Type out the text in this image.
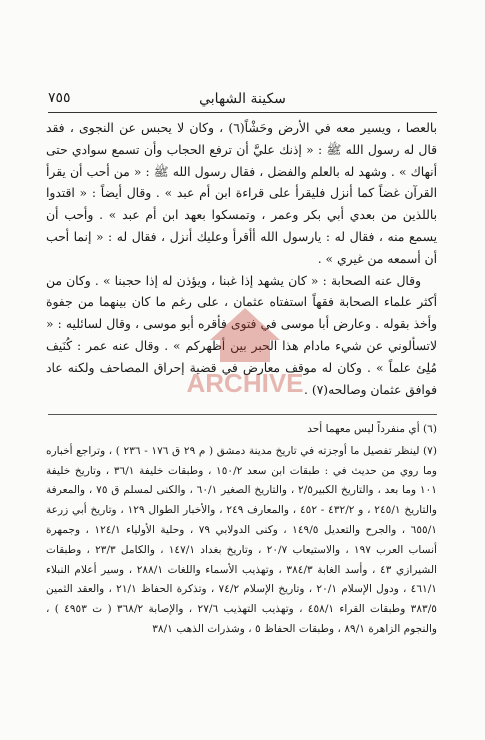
٧٥٥	سكينة الشهابي

بالعصا ، ويسير معه في الأرض وحَشْاً(٦) ، وكان لا يحبس عن النجوى ، فقد قال له رسول الله ﷺ : « إذنك عليَّ أن ترفع الحجاب وأن تسمع سوادي حتى أنهاك » . وشهد له بالعلم والفضل ، فقال رسول الله ﷺ : « من أحب أن يقرأ القرآن غضاً كما أنزل فليقرأ على قراءة ابن أم عبد » . وقال أيضاً : « اقتدوا باللذين من بعدي أبي بكر وعمر ، وتمسكوا بعهد ابن أم عبد » . وأحب أن يسمع منه ، فقال له : يارسول الله أأقرأ وعليك أنزل ، فقال له : « إنما أحب أن أسمعه من غيري » .

وقال عنه الصحابة : « كان يشهد إذا غبنا ، ويؤذن له إذا حجبنا » . وكان من أكثر علماء الصحابة فقهاً استفتاه عثمان ، على رغم ما كان بينهما من جفوة وأخذ بقوله . وعارض أبا موسى في فتوى فأقره أبو موسى ، وقال لسائليه : « لاتسألوني عن شيء مادام هذا الحبر بين أظهركم » . وقال عنه عمر : كُنَيف مُلِئ علماً » . وكان له موقف معارض في قضية إحراق المصاحف ولكنه عاد فوافق عثمان وصالحه(٧) .

(٦) أي منفرداً ليس معهما أحد

(٧) لينظر تفصيل ما أوجزته في تاريخ مدينة دمشق ( م ٢٩ ق ١٧٦ - ٢٣٦ ) ، وتراجع أخباره وما روي من حديث في : طبقات ابن سعد ١٥٠/٢ ، وطبقات خليفة ٣٦/١ ، وتاريخ خليفة ١٠١ وما بعد ، والتاريخ الكبير٢/٥ ، والتاريخ الصغير ٦٠/١ ، والكنى لمسلم ق ٧٥ ، والمعرفة والتاريخ ٢٤٥/١ ، و ٤٣٢/٢ - ٤٥٢ ، والمعارف ٢٤٩ ، والأخبار الطوال ١٢٩ ، وتاريخ أبي زرعة ٦٥٥/١ ، والجرح والتعديل ١٤٩/٥ ، وكنى الدولابي ٧٩ ، وحلية الأولياء ١٢٤/١ ، وجمهرة أنساب العرب ١٩٧ ، والاستيعاب ٢٠/٧ ، وتاريخ بغداد ١٤٧/١ ، والكامل ٢٣/٣ ، وطبقات الشيرازي ٤٣ ، وأسد الغابة ٣٨٤/٣ ، وتهذيب الأسماء واللغات ٢٨٨/١ ، وسير أعلام النبلاء ٤٦١/١ ، ودول الإسلام ٢٠/١ ، وتاريخ الإسلام ٧٤/٢ ، وتذكرة الحفاظ ٢١/١ ، والعقد الثمين ٣٨٣/٥ وطبقات القراء ٤٥٨/١ ، وتهذيب التهذيب ٢٧/٦ ، والإصابة ٣٦٨/٢ ( ت ٤٩٥٣ ) ، والنجوم الزاهرة ٨٩/١ ، وطبقات الحفاظ ٥ ، وشذرات الذهب ٣٨/١

ARCHIVE
